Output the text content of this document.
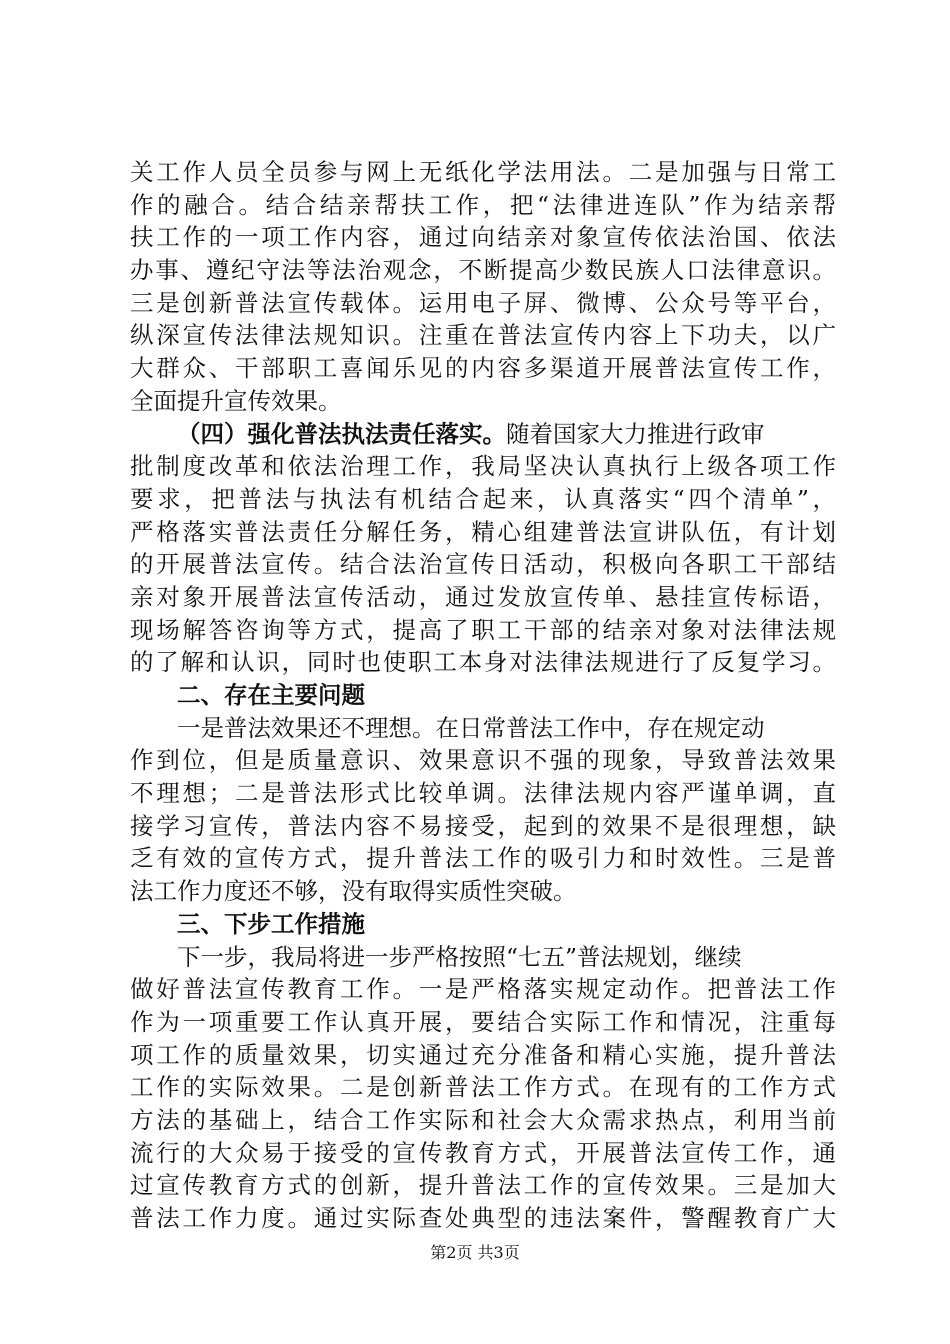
关工作人员全员参与网上无纸化学法用法。二是加强与日常工
作的融合。结合结亲帮扶工作，把“法律进连队”作为结亲帮
扶工作的一项工作内容，通过向结亲对象宣传依法治国、依法
办事、遵纪守法等法治观念，不断提高少数民族人口法律意识。
三是创新普法宣传载体。运用电子屏、微博、公众号等平台，
纵深宣传法律法规知识。注重在普法宣传内容上下功夫，以广
大群众、干部职工喜闻乐见的内容多渠道开展普法宣传工作，
全面提升宣传效果。
（四）强化普法执法责任落实。随着国家大力推进行政审
批制度改革和依法治理工作，我局坚决认真执行上级各项工作
要求，把普法与执法有机结合起来，认真落实“四个清单”，
严格落实普法责任分解任务，精心组建普法宣讲队伍，有计划
的开展普法宣传。结合法治宣传日活动，积极向各职工干部结
亲对象开展普法宣传活动，通过发放宣传单、悬挂宣传标语，
现场解答咨询等方式，提高了职工干部的结亲对象对法律法规
的了解和认识，同时也使职工本身对法律法规进行了反复学习。
二、存在主要问题
一是普法效果还不理想。在日常普法工作中，存在规定动
作到位，但是质量意识、效果意识不强的现象，导致普法效果
不理想；二是普法形式比较单调。法律法规内容严谨单调，直
接学习宣传，普法内容不易接受，起到的效果不是很理想，缺
乏有效的宣传方式，提升普法工作的吸引力和时效性。三是普
法工作力度还不够，没有取得实质性突破。
三、下步工作措施
下一步，我局将进一步严格按照“七五”普法规划，继续
做好普法宣传教育工作。一是严格落实规定动作。把普法工作
作为一项重要工作认真开展，要结合实际工作和情况，注重每
项工作的质量效果，切实通过充分准备和精心实施，提升普法
工作的实际效果。二是创新普法工作方式。在现有的工作方式
方法的基础上，结合工作实际和社会大众需求热点，利用当前
流行的大众易于接受的宣传教育方式，开展普法宣传工作，通
过宣传教育方式的创新，提升普法工作的宣传效果。三是加大
普法工作力度。通过实际查处典型的违法案件，警醒教育广大
第2页 共3页
